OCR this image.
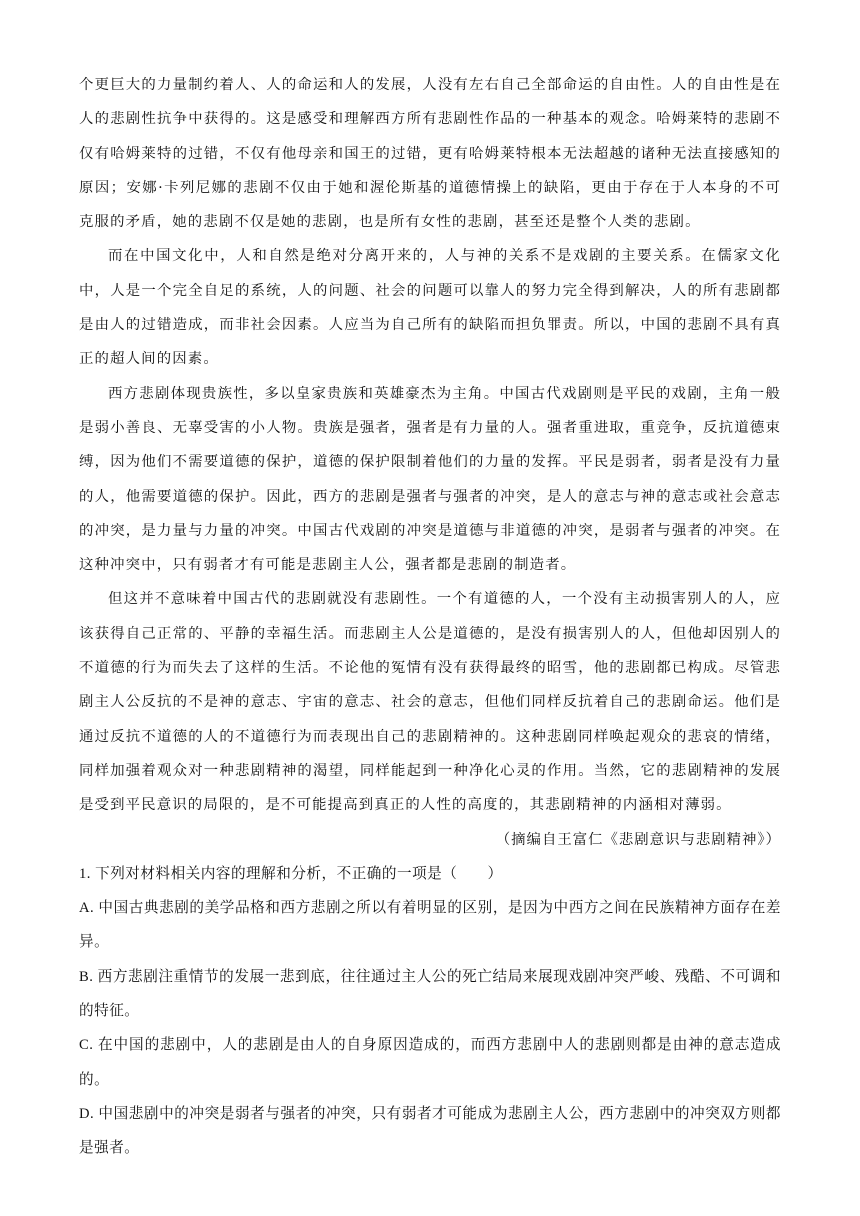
个更巨大的力量制约着人、人的命运和人的发展，人没有左右自己全部命运的自由性。人的自由性是在人的悲剧性抗争中获得的。这是感受和理解西方所有悲剧性作品的一种基本的观念。哈姆莱特的悲剧不仅有哈姆莱特的过错，不仅有他母亲和国王的过错，更有哈姆莱特根本无法超越的诸种无法直接感知的原因；安娜·卡列尼娜的悲剧不仅由于她和渥伦斯基的道德情操上的缺陷，更由于存在于人本身的不可克服的矛盾，她的悲剧不仅是她的悲剧，也是所有女性的悲剧，甚至还是整个人类的悲剧。

而在中国文化中，人和自然是绝对分离开来的，人与神的关系不是戏剧的主要关系。在儒家文化中，人是一个完全自足的系统，人的问题、社会的问题可以靠人的努力完全得到解决，人的所有悲剧都是由人的过错造成，而非社会因素。人应当为自己所有的缺陷而担负罪责。所以，中国的悲剧不具有真正的超人间的因素。

西方悲剧体现贵族性，多以皇家贵族和英雄豪杰为主角。中国古代戏剧则是平民的戏剧，主角一般是弱小善良、无辜受害的小人物。贵族是强者，强者是有力量的人。强者重进取，重竞争，反抗道德束缚，因为他们不需要道德的保护，道德的保护限制着他们的力量的发挥。平民是弱者，弱者是没有力量的人，他需要道德的保护。因此，西方的悲剧是强者与强者的冲突，是人的意志与神的意志或社会意志的冲突，是力量与力量的冲突。中国古代戏剧的冲突是道德与非道德的冲突，是弱者与强者的冲突。在这种冲突中，只有弱者才有可能是悲剧主人公，强者都是悲剧的制造者。

但这并不意味着中国古代的悲剧就没有悲剧性。一个有道德的人，一个没有主动损害别人的人，应该获得自己正常的、平静的幸福生活。而悲剧主人公是道德的，是没有损害别人的人，但他却因别人的不道德的行为而失去了这样的生活。不论他的冤情有没有获得最终的昭雪，他的悲剧都已构成。尽管悲剧主人公反抗的不是神的意志、宇宙的意志、社会的意志，但他们同样反抗着自己的悲剧命运。他们是通过反抗不道德的人的不道德行为而表现出自己的悲剧精神的。这种悲剧同样唤起观众的悲哀的情绪，同样加强着观众对一种悲剧精神的渴望，同样能起到一种净化心灵的作用。当然，它的悲剧精神的发展是受到平民意识的局限的，是不可能提高到真正的人性的高度的，其悲剧精神的内涵相对薄弱。

（摘编自王富仁《悲剧意识与悲剧精神》）

1. 下列对材料相关内容的理解和分析，不正确的一项是（　　）

A. 中国古典悲剧的美学品格和西方悲剧之所以有着明显的区别，是因为中西方之间在民族精神方面存在差异。

B. 西方悲剧注重情节的发展一悲到底，往往通过主人公的死亡结局来展现戏剧冲突严峻、残酷、不可调和的特征。

C. 在中国的悲剧中，人的悲剧是由人的自身原因造成的，而西方悲剧中人的悲剧则都是由神的意志造成的。

D. 中国悲剧中的冲突是弱者与强者的冲突，只有弱者才可能成为悲剧主人公，西方悲剧中的冲突双方则都是强者。
